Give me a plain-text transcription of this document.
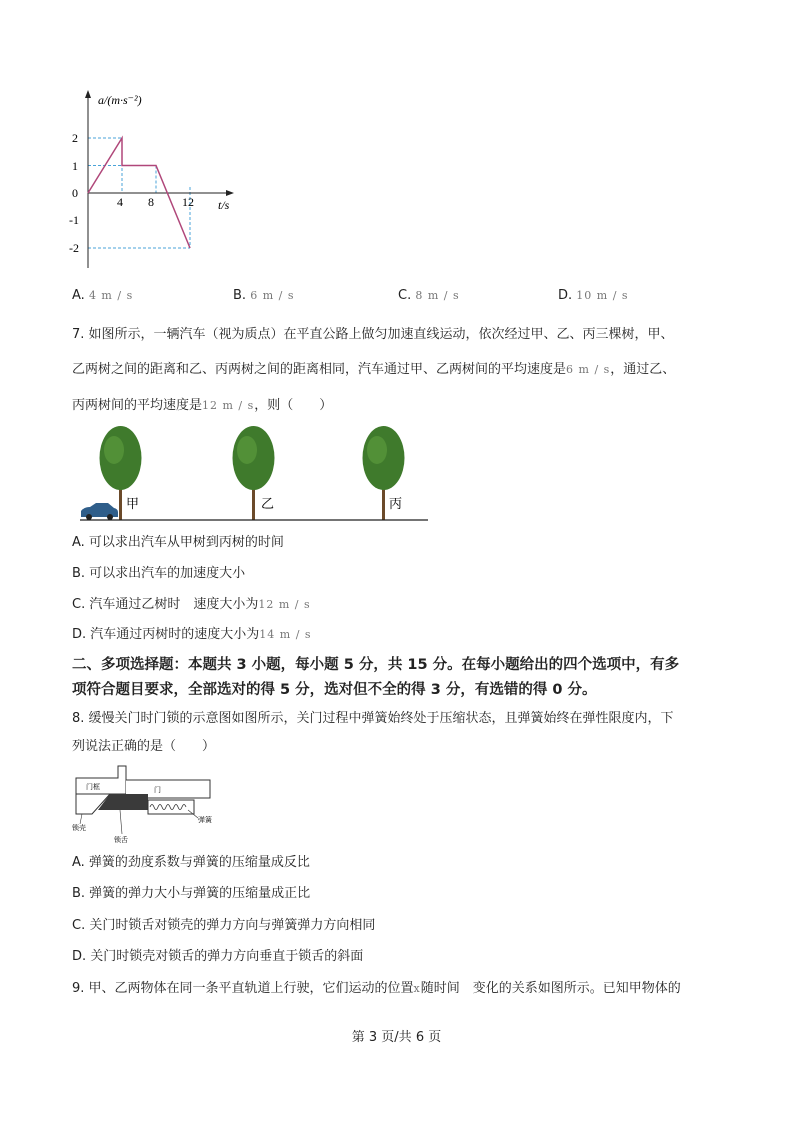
a/(m·s⁻²)
t/s
2
1
0
-1
-2
4 8 12
A. 4 m / s	B. 6 m / s	C. 8 m / s	D. 10 m / s
7. 如图所示，一辆汽车（视为质点）在平直公路上做匀加速直线运动，依次经过甲、乙、丙三棵树，甲、
乙两树之间的距离和乙、丙两树之间的距离相同，汽车通过甲、乙两树间的平均速度是6 m / s，通过乙、
丙两树间的平均速度是12 m / s，则（　　）
甲	乙	丙
A. 可以求出汽车从甲树到丙树的时间
B. 可以求出汽车的加速度大小
C. 汽车通过乙树时　速度大小为12 m / s
D. 汽车通过丙树时的速度大小为14 m / s
二、多项选择题：本题共 3 小题，每小题 5 分，共 15 分。在每小题给出的四个选项中，有多
项符合题目要求，全部选对的得 5 分，选对但不全的得 3 分，有选错的得 0 分。
8. 缓慢关门时门锁的示意图如图所示，关门过程中弹簧始终处于压缩状态，且弹簧始终在弹性限度内，下
列说法正确的是（　　）
门框	门
锁壳
锁舌
弹簧
A. 弹簧的劲度系数与弹簧的压缩量成反比
B. 弹簧的弹力大小与弹簧的压缩量成正比
C. 关门时锁舌对锁壳的弹力方向与弹簧弹力方向相同
D. 关门时锁壳对锁舌的弹力方向垂直于锁舌的斜面
9. 甲、乙两物体在同一条平直轨道上行驶，它们运动的位置x随时间　变化的关系如图所示。已知甲物体的
第 3 页/共 6 页
